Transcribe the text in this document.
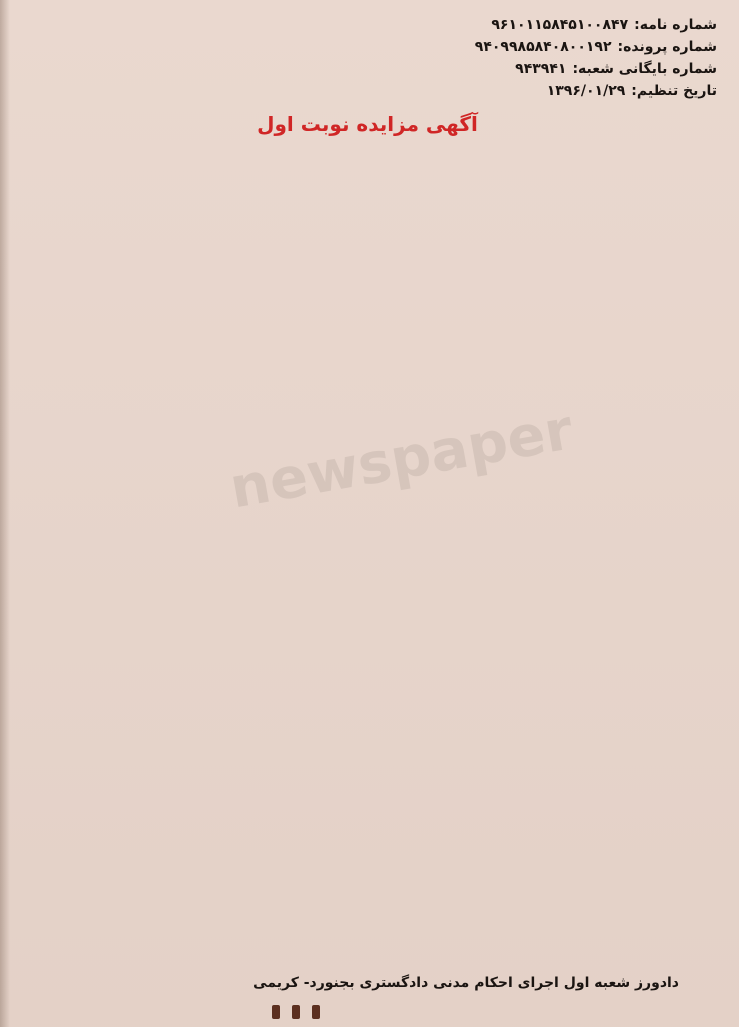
شماره نامه:
۹۶۱۰۱۱۵۸۴۵۱۰۰۸۴۷
شماره پرونده:
۹۴۰۹۹۸۵۸۴۰۸۰۰۱۹۲
شماره بایگانی شعبه:
۹۴۳۹۴۱
تاریخ تنظیم:
۱۳۹۶/۰۱/۲۹
آگهی مزایده نوبت اول
newspaper
دادورز شعبه اول اجرای احکام مدنی دادگستری بجنورد- کریمی
